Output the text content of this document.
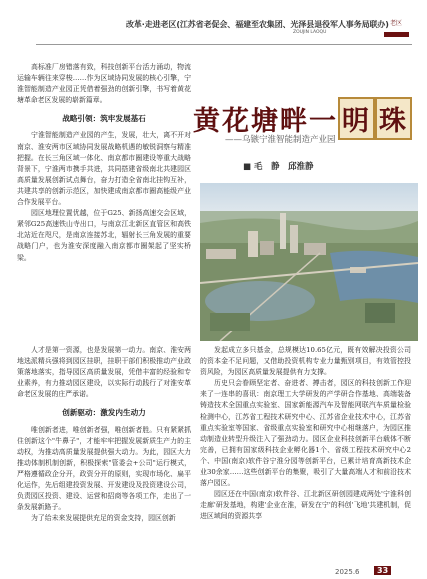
改革·走进老区(江苏省老促会、福建至农集团、光泽县退役军人事务局联办)
ZOUJIN LAOQU
老区

高标准厂房错落有致，科技创新平台活力涌动，物流运输车辆往来穿梭……作为区域协同发展的核心引擎，宁淮智能制造产业园正凭借着强劲的创新引擎，书写着黄花塘革命老区发展的崭新篇章。

战略引领：筑牢发展基石

宁淮智能制造产业园的产生，发展，壮大，离不开对南京、淮安两市区域协同发展战略机遇的敏锐洞察与精准把握。在长三角区域一体化、南京都市圈建设等重大战略背景下，宁淮两市携手共进，共同搭建省级南北共建园区高质量发展创新试点舞台，奋力打造全省南北挂钩互补，共建共享的创新示范区，加快建成南京都市圈高能级产业合作发展平台。

园区地理位置优越，位于G25、新扬高速交会区域，紧邻G25高速铁山寺出口，与南京江北新区直管区和高铁北站近在咫尺，是南京连接苏北，辐射长三角发展的重要战略门户，也为淮安深度融入南京都市圈架起了坚实桥梁。

人才是第一资源，也是发展第一动力。南京、淮安两地选派精兵强将到园区挂职，挂职干部们积极推动产业政策落地落实，指导园区高质量发展，凭借丰富的经验和专业素养，有力推动园区建设，以实际行动践行了对淮安革命老区发展的庄严承诺。

创新驱动：激发内生动力

唯创新者进，唯创新者强，唯创新者胜。只有紧紧抓住创新这个"牛鼻子"，才能牢牢把握发展新质生产力的主动权，为推动高质量发展提供强大动力。为此，园区大力推动体制机制创新，积极探索"管委会+公司"运行模式，严格遵循政企分开，政资分开的原则，实现市场化、扁平化运作，先后组建投资发展、开发建设及投资建设公司，负责园区投资、建设、运营和招商等各项工作，走出了一条发展新路子。

为了给未来发展提供充足的资金支持，园区创新

黄花塘畔一 明 珠
——乌镞宁淮智能制造产业园
■ 毛　静　邱淮静

发起成立多只基金，总规模达10.65亿元，既有效解决投资公司的资本金不足问题，又借助投资机构专业力量甄别项目，有效管控投资风险，为园区高质量发展提供有力支撑。

历史只会眷顾坚定者、奋进者、搏击者，园区的科技创新工作迎来了一连串的喜讯：南京理工大学研发的产学研合作基地、高端装备铸造技术全国重点实验室、国家新能源汽车及智能网联汽车质量检验检测中心，江苏省工程技术研究中心、江苏省企业技术中心，江苏省重点实验室等国家、省级重点实验室和研究中心相继落户，为园区推动制造业转型升级注入了强劲动力。园区企业科技创新平台载体不断完善，已拥有国家级科技企业孵化器1个、省级工程技术研究中心2个、中国(南京)软件谷宁淮分园等创新平台，已累计培育高新技术企业30余家……这些创新平台的集聚，吸引了大量高端人才和前沿技术落户园区。

园区还在中国(南京)软件谷、江北新区研创园建成两处'宁淮科创走廊'研发基地，构建'企业在淮，研发在宁'的科创'飞地'共建机制，促进区域间的资源共享

2025.6	33
